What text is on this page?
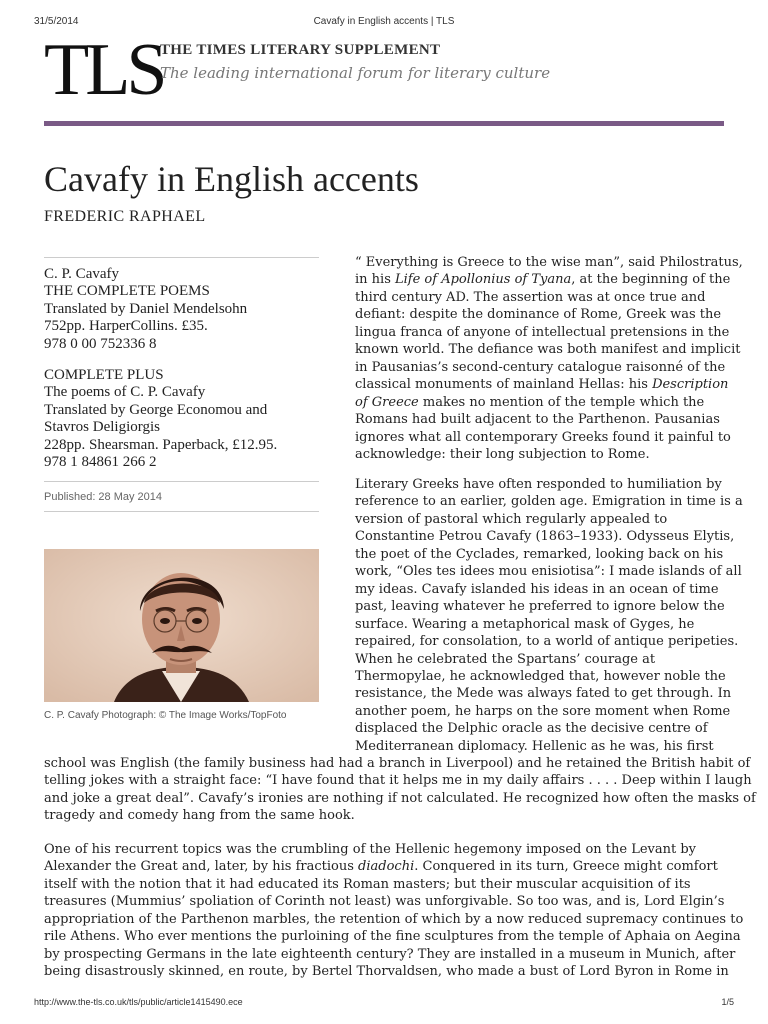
31/5/2014	Cavafy in English accents | TLS
TLS
THE TIMES LITERARY SUPPLEMENT
The leading international forum for literary culture
Cavafy in English accents
FREDERIC RAPHAEL
C. P. Cavafy
THE COMPLETE POEMS
Translated by Daniel Mendelsohn
752pp. HarperCollins. £35.
978 0 00 752336 8
COMPLETE PLUS
The poems of C. P. Cavafy
Translated by George Economou and
Stavros Deligiorgis
228pp. Shearsman. Paperback, £12.95.
978 1 84861 266 2
Published: 28 May 2014
C. P. Cavafy Photograph: © The Image Works/TopFoto
“ Everything is Greece to the wise man”, said Philostratus,
in his Life of Apollonius of Tyana, at the beginning of the
third century AD. The assertion was at once true and
defiant: despite the dominance of Rome, Greek was the
lingua franca of anyone of intellectual pretensions in the
known world. The defiance was both manifest and implicit
in Pausanias’s second-century catalogue raisonné of the
classical monuments of mainland Hellas: his Description
of Greece makes no mention of the temple which the
Romans had built adjacent to the Parthenon. Pausanias
ignores what all contemporary Greeks found it painful to
acknowledge: their long subjection to Rome.
Literary Greeks have often responded to humiliation by
reference to an earlier, golden age. Emigration in time is a
version of pastoral which regularly appealed to
Constantine Petrou Cavafy (1863–1933). Odysseus Elytis,
the poet of the Cyclades, remarked, looking back on his
work, “Oles tes idees mou enisiotisa”: I made islands of all
my ideas. Cavafy islanded his ideas in an ocean of time
past, leaving whatever he preferred to ignore below the
surface. Wearing a metaphorical mask of Gyges, he
repaired, for consolation, to a world of antique peripeties.
When he celebrated the Spartans’ courage at
Thermopylae, he acknowledged that, however noble the
resistance, the Mede was always fated to get through. In
another poem, he harps on the sore moment when Rome
displaced the Delphic oracle as the decisive centre of
Mediterranean diplomacy. Hellenic as he was, his first
school was English (the family business had had a branch in Liverpool) and he retained the British habit of
telling jokes with a straight face: “I have found that it helps me in my daily affairs . . . . Deep within I laugh
and joke a great deal”. Cavafy’s ironies are nothing if not calculated. He recognized how often the masks of
tragedy and comedy hang from the same hook.
One of his recurrent topics was the crumbling of the Hellenic hegemony imposed on the Levant by
Alexander the Great and, later, by his fractious diadochi. Conquered in its turn, Greece might comfort
itself with the notion that it had educated its Roman masters; but their muscular acquisition of its
treasures (Mummius’ spoliation of Corinth not least) was unforgivable. So too was, and is, Lord Elgin’s
appropriation of the Parthenon marbles, the retention of which by a now reduced supremacy continues to
rile Athens. Who ever mentions the purloining of the fine sculptures from the temple of Aphaia on Aegina
by prospecting Germans in the late eighteenth century? They are installed in a museum in Munich, after
being disastrously skinned, en route, by Bertel Thorvaldsen, who made a bust of Lord Byron in Rome in
http://www.the-tls.co.uk/tls/public/article1415490.ece	1/5
